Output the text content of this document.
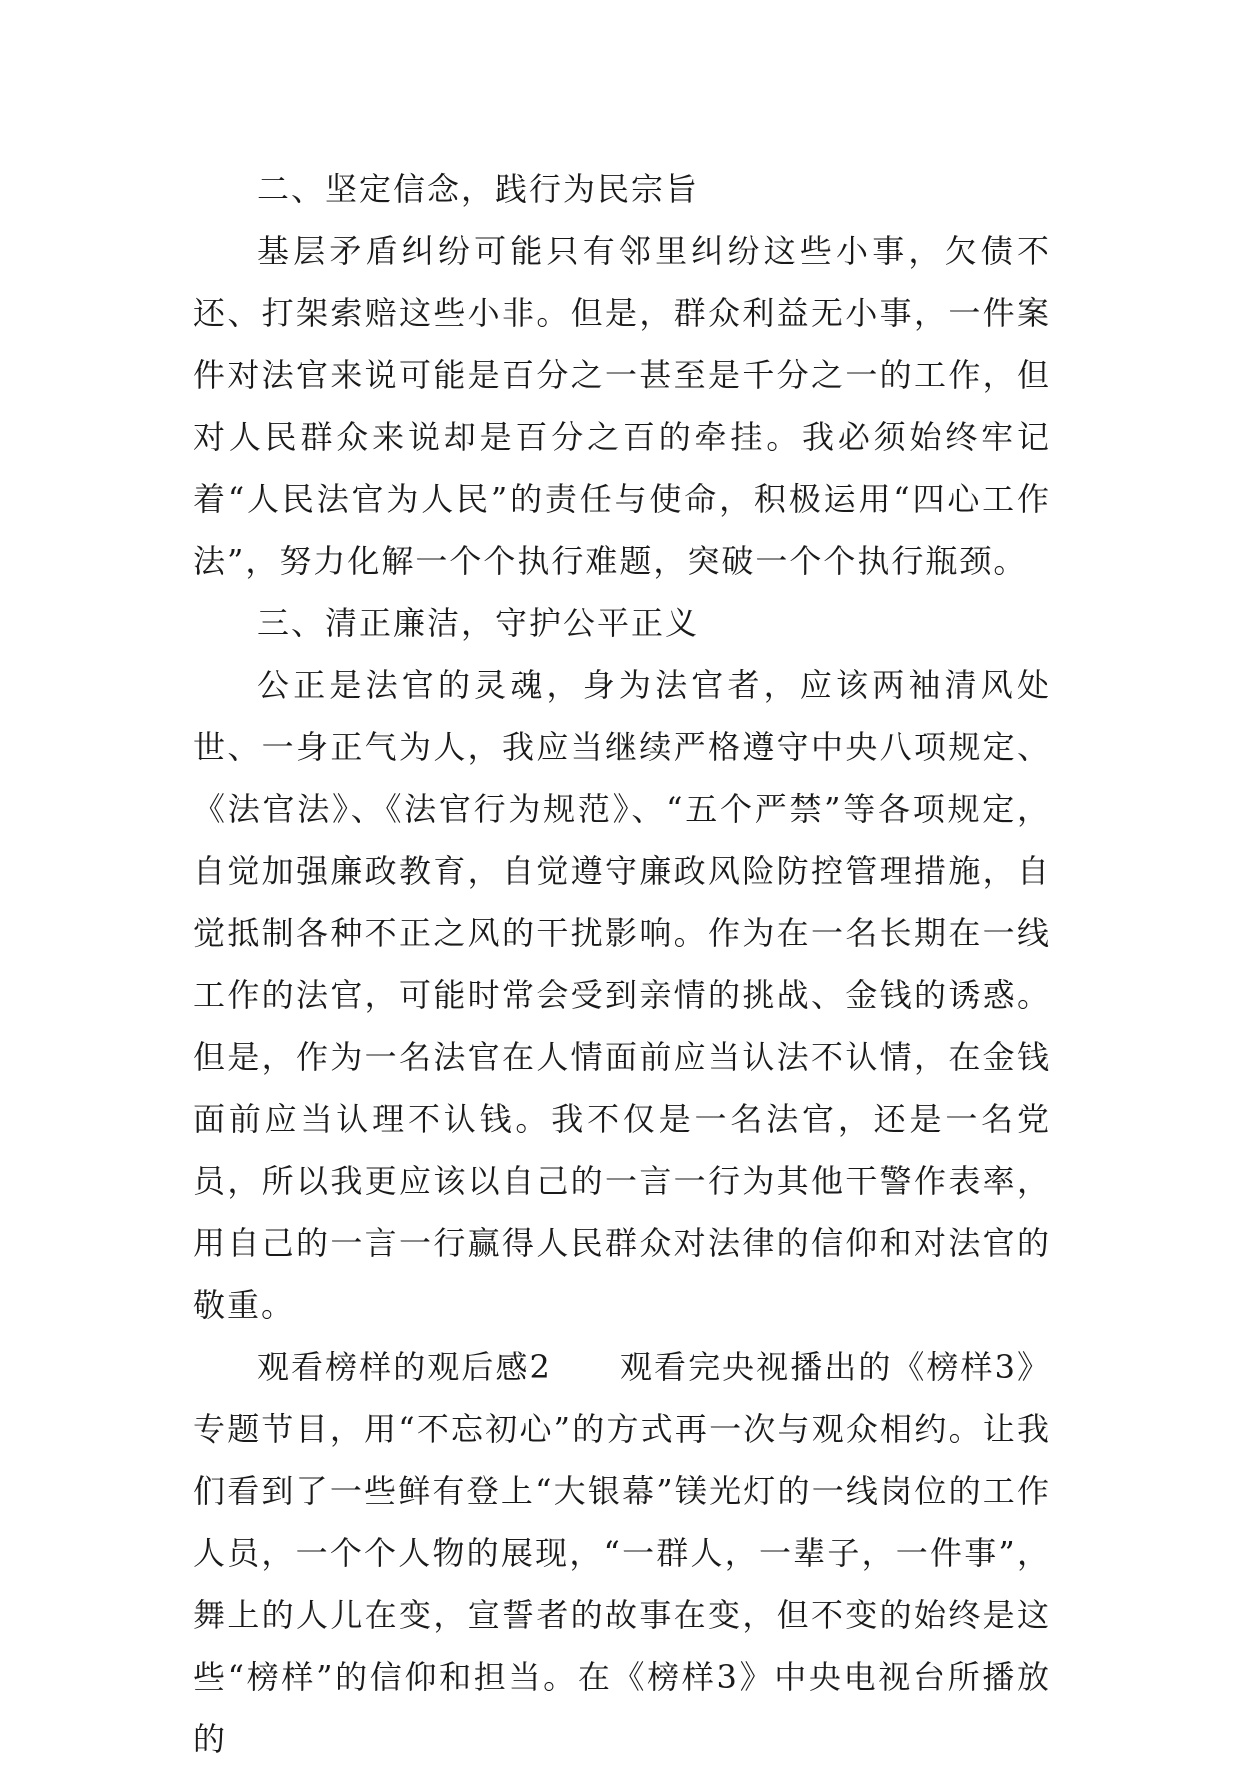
二、坚定信念，践行为民宗旨

基层矛盾纠纷可能只有邻里纠纷这些小事，欠债不还、打架索赔这些小非。但是，群众利益无小事，一件案件对法官来说可能是百分之一甚至是千分之一的工作，但对人民群众来说却是百分之百的牵挂。我必须始终牢记着“人民法官为人民”的责任与使命，积极运用“四心工作法”，努力化解一个个执行难题，突破一个个执行瓶颈。

三、清正廉洁，守护公平正义

公正是法官的灵魂，身为法官者，应该两袖清风处世、一身正气为人，我应当继续严格遵守中央八项规定、《法官法》、《法官行为规范》、“五个严禁”等各项规定，自觉加强廉政教育，自觉遵守廉政风险防控管理措施，自觉抵制各种不正之风的干扰影响。作为在一名长期在一线工作的法官，可能时常会受到亲情的挑战、金钱的诱惑。但是，作为一名法官在人情面前应当认法不认情，在金钱面前应当认理不认钱。我不仅是一名法官，还是一名党员，所以我更应该以自己的一言一行为其他干警作表率，用自己的一言一行赢得人民群众对法律的信仰和对法官的敬重。

观看榜样的观后感2　　观看完央视播出的《榜样3》专题节目，用“不忘初心”的方式再一次与观众相约。让我们看到了一些鲜有登上“大银幕”镁光灯的一线岗位的工作人员，一个个人物的展现，“一群人，一辈子，一件事”，舞上的人儿在变，宣誓者的故事在变，但不变的始终是这些“榜样”的信仰和担当。在《榜样3》中央电视台所播放的
